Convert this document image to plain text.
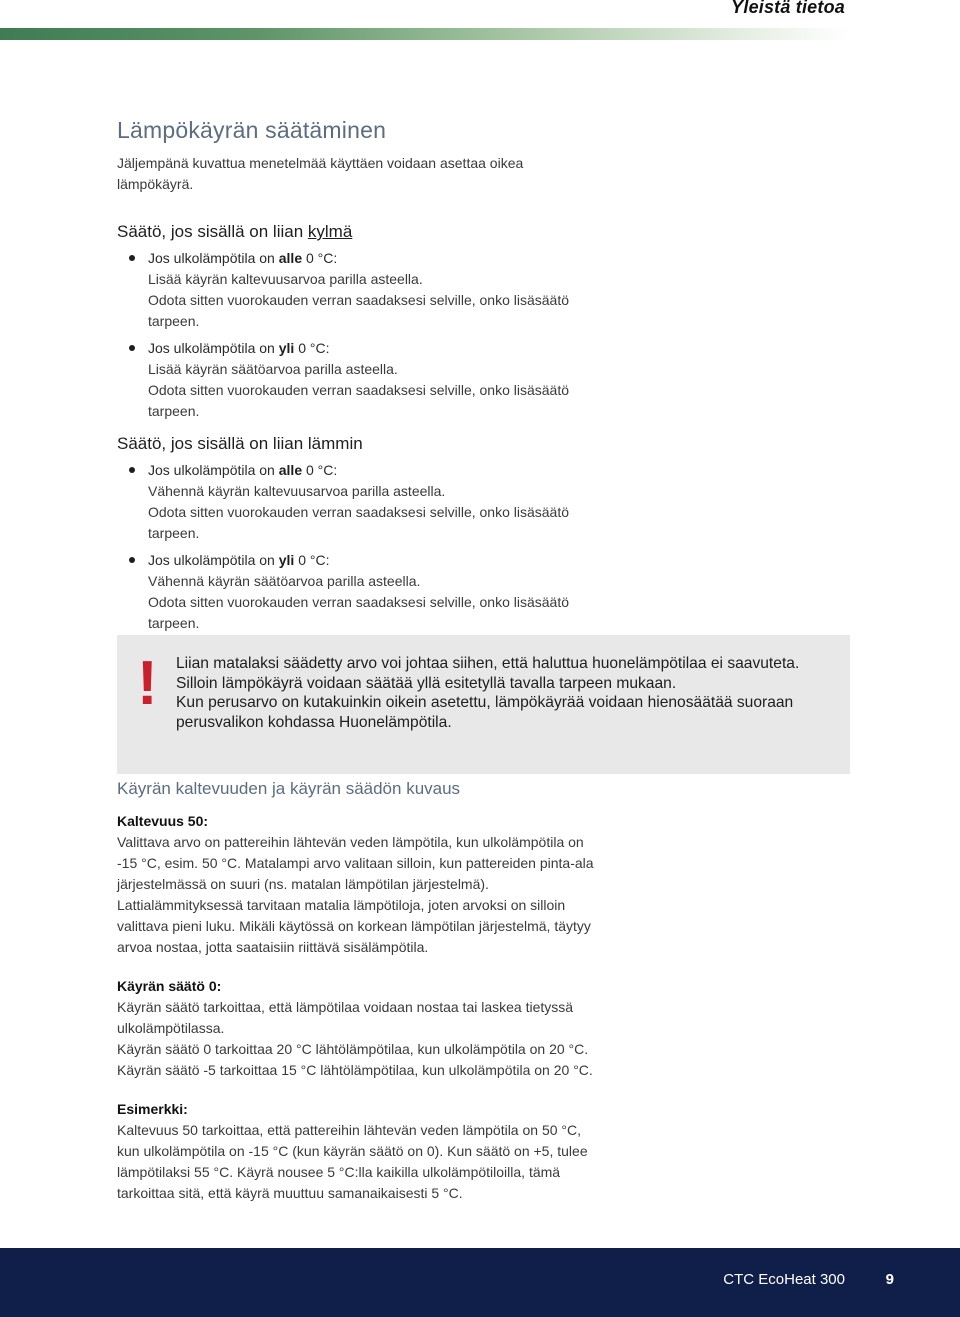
Yleistä tietoa
Lämpökäyrän säätäminen

Jäljempänä kuvattua menetelmää käyttäen voidaan asettaa oikea lämpökäyrä.

Säätö, jos sisällä on liian kylmä
Jos ulkolämpötila on alle 0 °C:
Lisää käyrän kaltevuusarvoa parilla asteella.
Odota sitten vuorokauden verran saadaksesi selville, onko lisäsäätö tarpeen.
Jos ulkolämpötila on yli 0 °C:
Lisää käyrän säätöarvoa parilla asteella.
Odota sitten vuorokauden verran saadaksesi selville, onko lisäsäätö tarpeen.
Säätö, jos sisällä on liian lämmin
Jos ulkolämpötila on alle 0 °C:
Vähennä käyrän kaltevuusarvoa parilla asteella.
Odota sitten vuorokauden verran saadaksesi selville, onko lisäsäätö tarpeen.
Jos ulkolämpötila on yli 0 °C:
Vähennä käyrän säätöarvoa parilla asteella.
Odota sitten vuorokauden verran saadaksesi selville, onko lisäsäätö tarpeen.
! Liian matalaksi säädetty arvo voi johtaa siihen, että haluttua huonelämpötilaa ei saavuteta. Silloin lämpökäyrä voidaan säätää yllä esitetyllä tavalla tarpeen mukaan.
Kun perusarvo on kutakuinkin oikein asetettu, lämpökäyrää voidaan hienosäätää suoraan perusvalikon kohdassa Huonelämpötila.
Käyrän kaltevuuden ja käyrän säädön kuvaus
Kaltevuus 50:
Valittava arvo on pattereihin lähtevän veden lämpötila, kun ulkolämpötila on -15 °C, esim. 50 °C. Matalampi arvo valitaan silloin, kun pattereiden pinta-ala järjestelmässä on suuri (ns. matalan lämpötilan järjestelmä). Lattialämmityksessä tarvitaan matalia lämpötiloja, joten arvoksi on silloin valittava pieni luku. Mikäli käytössä on korkean lämpötilan järjestelmä, täytyy arvoa nostaa, jotta saataisiin riittävä sisälämpötila.
Käyrän säätö 0:
Käyrän säätö tarkoittaa, että lämpötilaa voidaan nostaa tai laskea tietyssä ulkolämpötilassa.
Käyrän säätö 0 tarkoittaa 20 °C lähtölämpötilaa, kun ulkolämpötila on 20 °C.
Käyrän säätö -5 tarkoittaa 15 °C lähtölämpötilaa, kun ulkolämpötila on 20 °C.
Esimerkki:
Kaltevuus 50 tarkoittaa, että pattereihin lähtevän veden lämpötila on 50 °C, kun ulkolämpötila on -15 °C (kun käyrän säätö on 0). Kun säätö on +5, tulee lämpötilaksi 55 °C. Käyrä nousee 5 °C:lla kaikilla ulkolämpötiloilla, tämä tarkoittaa sitä, että käyrä muuttuu samanaikaisesti 5 °C.
CTC EcoHeat 300	9
